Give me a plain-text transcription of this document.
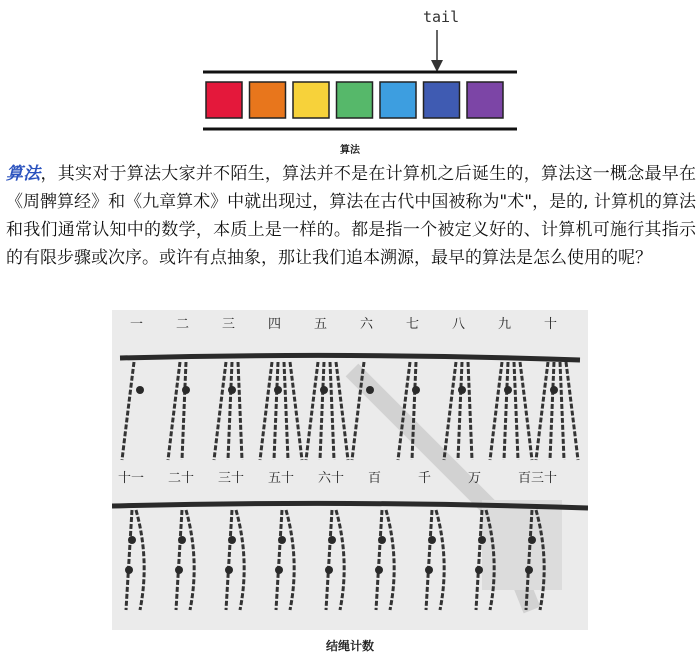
tail
算法
算法，其实对于算法大家并不陌生，算法并不是在计算机之后诞生的，算法这一概念最早在《周髀算经》和《九章算术》中就出现过，算法在古代中国被称为"术"，是的, 计算机的算法和我们通常认知中的数学，本质上是一样的。都是指一个被定义好的、计算机可施行其指示的有限步骤或次序。或许有点抽象，那让我们追本溯源，最早的算法是怎么使用的呢？
一	二	三	四	五	六	七	八	九	十
十一 二十 三十 五十 六十 百	千	万	百三十
结绳计数
